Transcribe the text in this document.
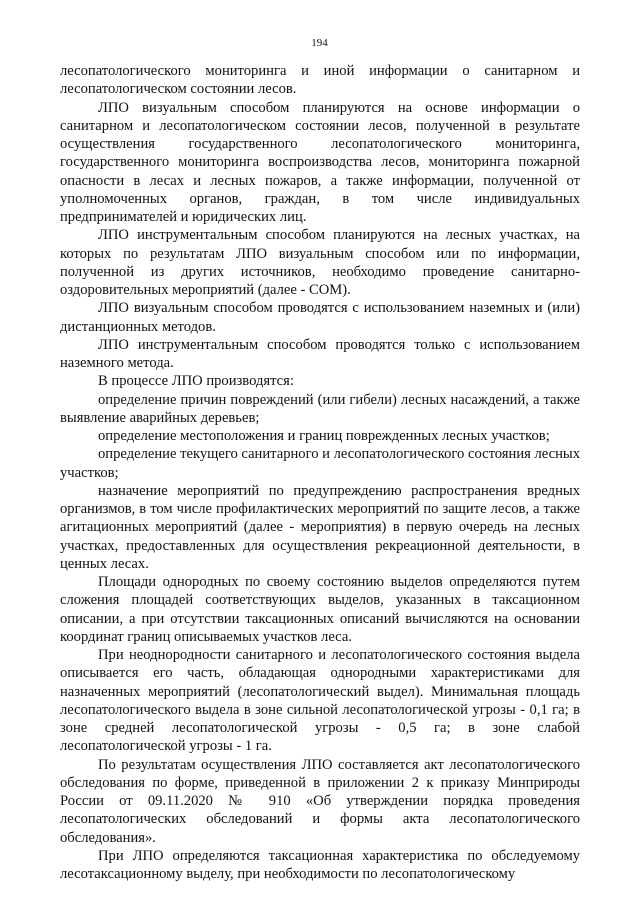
194

лесопатологического мониторинга и иной информации о санитарном и лесопатологическом состоянии лесов.

ЛПО визуальным способом планируются на основе информации о санитарном и лесопатологическом состоянии лесов, полученной в результате осуществления государственного лесопатологического мониторинга, государственного мониторинга воспроизводства лесов, мониторинга пожарной опасности в лесах и лесных пожаров, а также информации, полученной от уполномоченных органов, граждан, в том числе индивидуальных предпринимателей и юридических лиц.

ЛПО инструментальным способом планируются на лесных участках, на которых по результатам ЛПО визуальным способом или по информации, полученной из других источников, необходимо проведение санитарно-оздоровительных мероприятий (далее - СОМ).

ЛПО визуальным способом проводятся с использованием наземных и (или) дистанционных методов.

ЛПО инструментальным способом проводятся только с использованием наземного метода.

В процессе ЛПО производятся:

определение причин повреждений (или гибели) лесных насаждений, а также выявление аварийных деревьев;

определение местоположения и границ поврежденных лесных участков;

определение текущего санитарного и лесопатологического состояния лесных участков;

назначение мероприятий по предупреждению распространения вредных организмов, в том числе профилактических мероприятий по защите лесов, а также агитационных мероприятий (далее - мероприятия) в первую очередь на лесных участках, предоставленных для осуществления рекреационной деятельности, в ценных лесах.

Площади однородных по своему состоянию выделов определяются путем сложения площадей соответствующих выделов, указанных в таксационном описании, а при отсутствии таксационных описаний вычисляются на основании координат границ описываемых участков леса.

При неоднородности санитарного и лесопатологического состояния выдела описывается его часть, обладающая однородными характеристиками для назначенных мероприятий (лесопатологический выдел). Минимальная площадь лесопатологического выдела в зоне сильной лесопатологической угрозы - 0,1 га; в зоне средней лесопатологической угрозы - 0,5 га; в зоне слабой лесопатологической угрозы - 1 га.

По результатам осуществления ЛПО составляется акт лесопатологического обследования по форме, приведенной в приложении 2 к приказу Минприроды России от 09.11.2020 № 910 «Об утверждении порядка проведения лесопатологических обследований и формы акта лесопатологического обследования».

При ЛПО определяются таксационная характеристика по обследуемому лесотаксационному выделу, при необходимости по лесопатологическому
